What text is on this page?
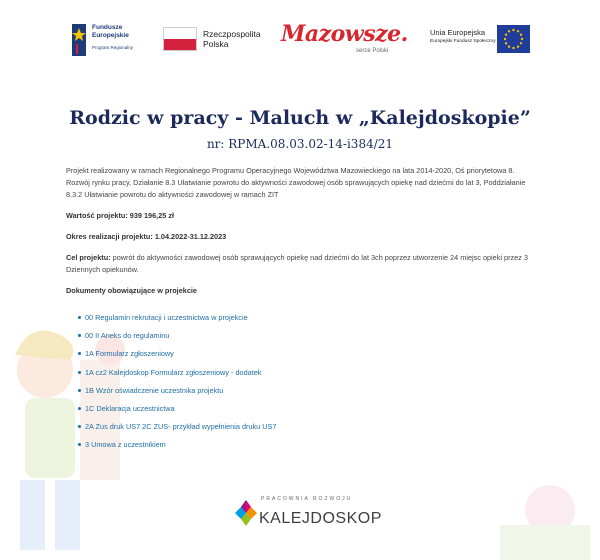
Fundusze
Europejskie
Program Regionalny
Rzeczpospolita
Polska	Mazowsze.
serce Polski
Unia Europejska
Europejski Fundusz Społeczny
Rodzic w pracy - Maluch w „Kalejdoskopie”
nr: RPMA.08.03.02-14-i384/21

Projekt realizowany w ramach Regionalnego Programu Operacyjnego Województwa Mazowieckiego na lata 2014-2020, Oś priorytetowa 8. Rozwój rynku pracy, Działanie 8.3 Ułatwianie powrotu do aktywności zawodowej osób sprawujących opiekę nad dziećmi do lat 3, Poddziałanie 8.3.2 Ułatwianie powrotu do aktywności zawodowej w ramach ZIT

Wartość projektu: 939 196,25 zł

Okres realizacji projektu: 1.04.2022-31.12.2023

Cel projektu: powrót do aktywności zawodowej osób sprawujących opiekę nad dziećmi do lat 3ch poprzez utworzenie 24 miejsc opieki przez 3 Dziennych opiekunów.

Dokumenty obowiązujące w projekcie
00 Regulamin rekrutacji i uczestnictwa w projekcie
00 II Aneks do regulaminu
1A Formularz zgłoszeniowy
1A cz2 Kalejdoskop Formularz zgłoszeniowy - dodatek
1B Wzór oświadczenie uczestnika projektu
1C Deklaracja uczestnictwa
2A Zus druk US7 2C ZUS- przykład wypełnienia druku US7
3 Umowa z uczestnikiem
PRACOWNIA ROZWOJU
KALEJDOSKOP
